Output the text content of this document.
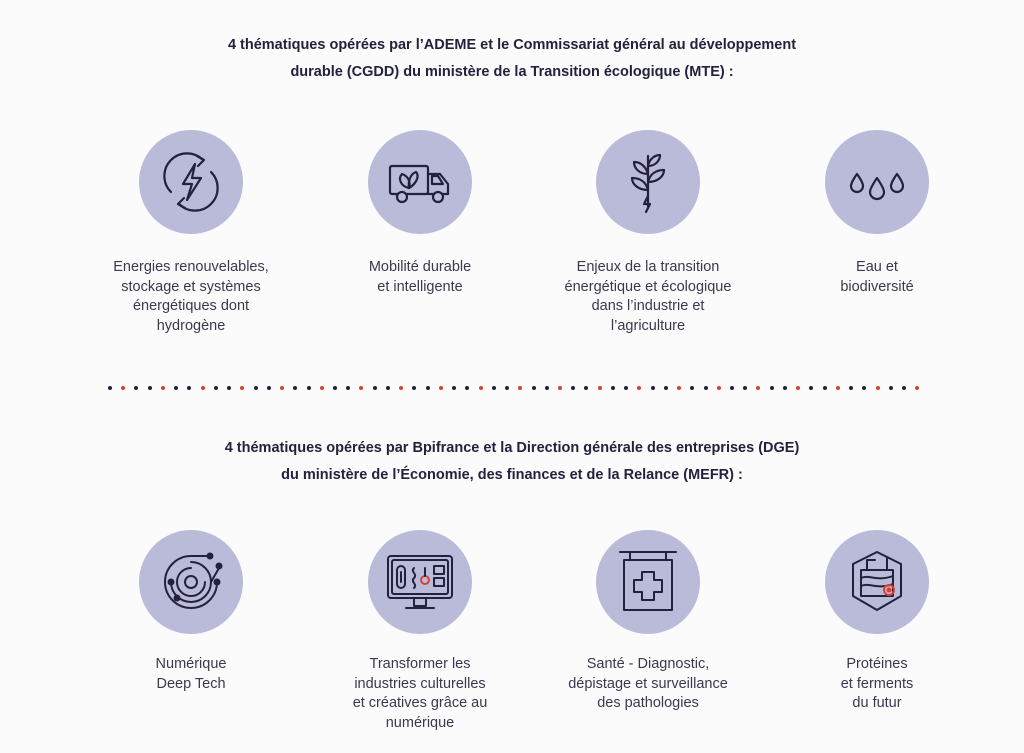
4 thématiques opérées par l’ADEME et le Commissariat général au développement
durable (CGDD) du ministère de la Transition écologique (MTE) :
Energies renouvelables,
stockage et systèmes
énergétiques dont
hydrogène
Mobilité durable
et intelligente
Enjeux de la transition
énergétique et écologique
dans l’industrie et
l’agriculture
Eau et
biodiversité
4 thématiques opérées par Bpifrance et la Direction générale des entreprises (DGE)
du ministère de l’Économie, des finances et de la Relance (MEFR) :
Numérique
Deep Tech
Transformer les
industries culturelles
et créatives grâce au
numérique
Santé - Diagnostic,
dépistage et surveillance
des pathologies
Protéines
et ferments
du futur
